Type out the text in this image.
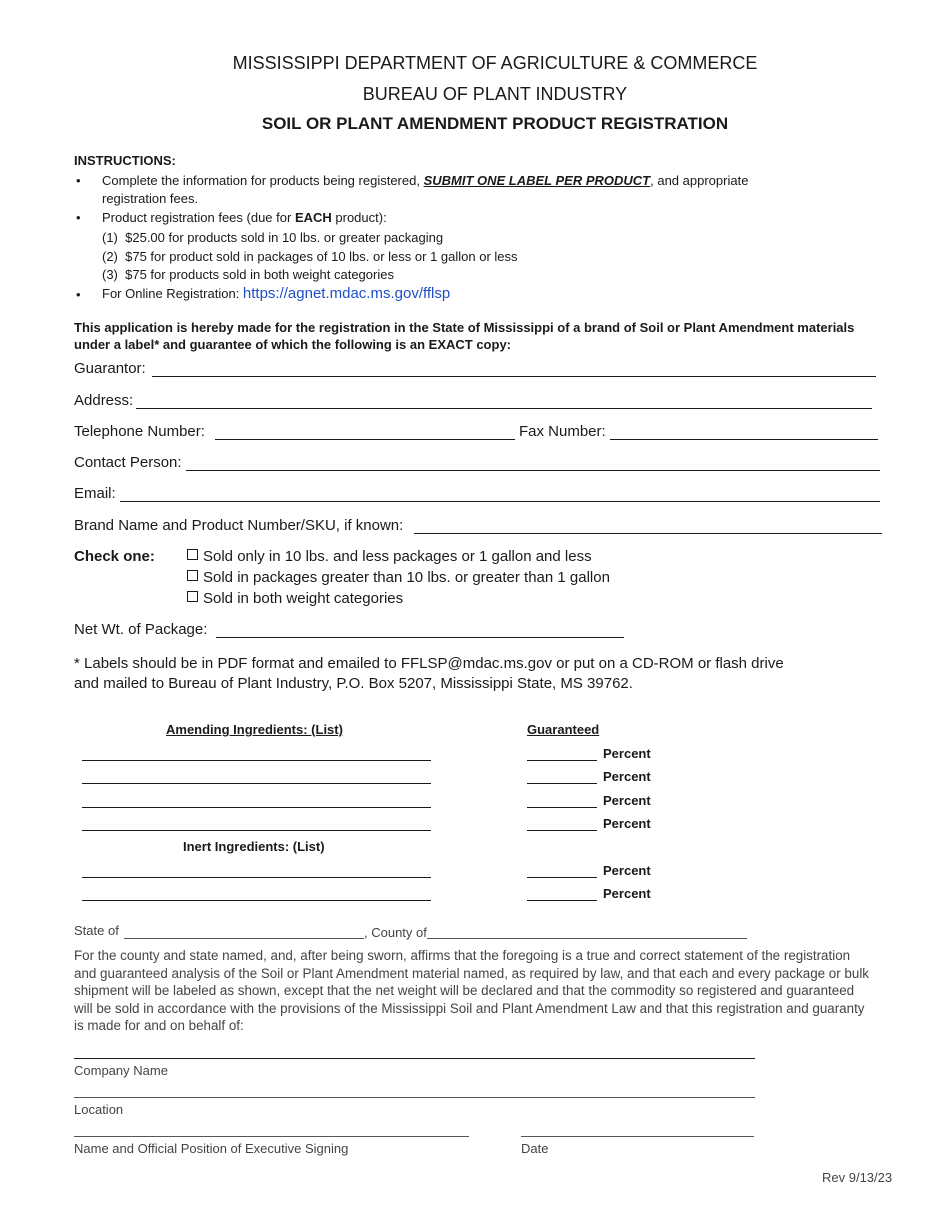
MISSISSIPPI DEPARTMENT OF AGRICULTURE & COMMERCE
BUREAU OF PLANT INDUSTRY
SOIL OR PLANT AMENDMENT PRODUCT REGISTRATION
INSTRUCTIONS:
• Complete the information for products being registered, SUBMIT ONE LABEL PER PRODUCT, and appropriate
registration fees.
• Product registration fees (due for EACH product):
(1) $25.00 for products sold in 10 lbs. or greater packaging
(2) $75 for product sold in packages of 10 lbs. or less or 1 gallon or less
(3) $75 for products sold in both weight categories
• For Online Registration: https://agnet.mdac.ms.gov/fflsp
This application is hereby made for the registration in the State of Mississippi of a brand of Soil or Plant Amendment materials
under a label* and guarantee of which the following is an EXACT copy:
Guarantor:
Address:
Telephone Number:	Fax Number:
Contact Person:
Email:
Brand Name and Product Number/SKU, if known:
Check one:	Sold only in 10 lbs. and less packages or 1 gallon and less
Sold in packages greater than 10 lbs. or greater than 1 gallon
Sold in both weight categories
Net Wt. of Package:
* Labels should be in PDF format and emailed to FFLSP@mdac.ms.gov or put on a CD-ROM or flash drive
and mailed to Bureau of Plant Industry, P.O. Box 5207, Mississippi State, MS 39762.
Amending Ingredients: (List)	Guaranteed
Percent
Percent
Percent
Percent
Inert Ingredients: (List)
Percent
Percent
State of	, County of
For the county and state named, and, after being sworn, affirms that the foregoing is a true and correct statement of the registration and guaranteed analysis of the Soil or Plant Amendment material named, as required by law, and that each and every package or bulk shipment will be labeled as shown, except that the net weight will be declared and that the commodity so registered and guaranteed will be sold in accordance with the provisions of the Mississippi Soil and Plant Amendment Law and that this registration and guaranty is made for and on behalf of:
Company Name
Location
Name and Official Position of Executive Signing	Date
Rev 9/13/23
